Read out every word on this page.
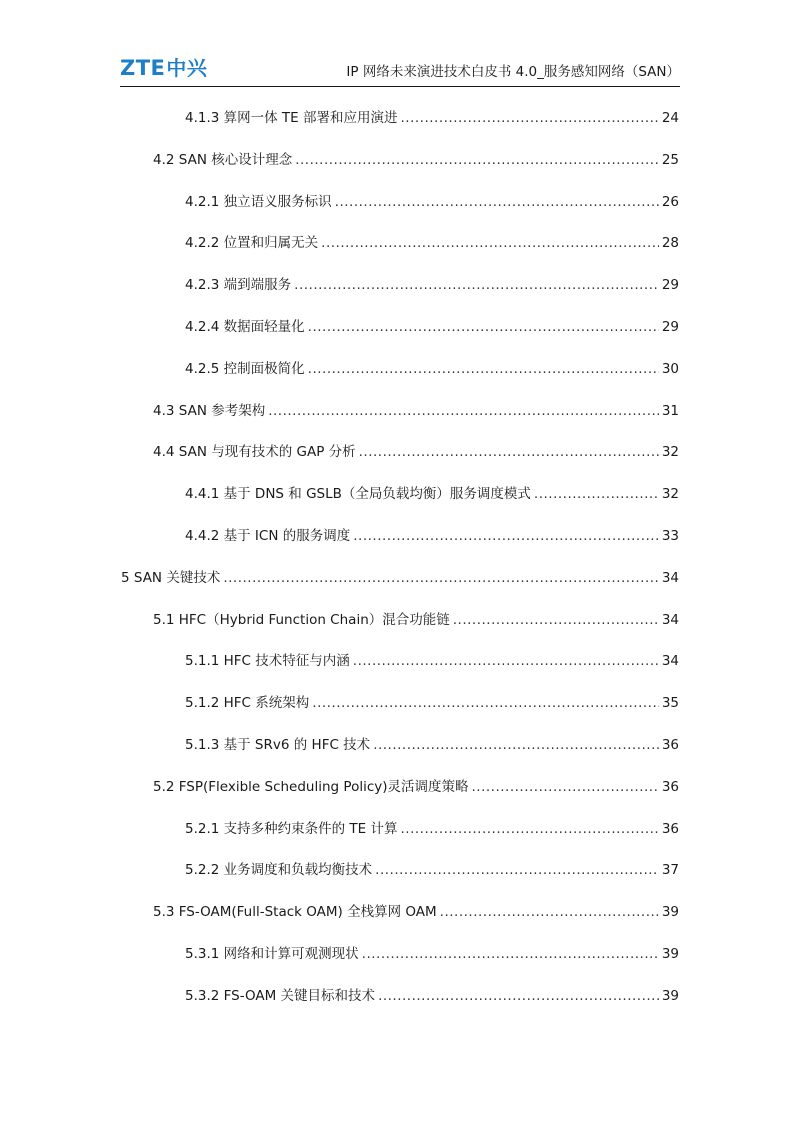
ZTE中兴	IP 网络未来演进技术白皮书 4.0_服务感知网络（SAN）
4.1.3 算网一体 TE 部署和应用演进 .....	24
4.2 SAN 核心设计理念 .....	25
4.2.1 独立语义服务标识 .....	26
4.2.2 位置和归属无关 .....	28
4.2.3 端到端服务 .....	29
4.2.4 数据面轻量化 .....	29
4.2.5 控制面极简化 .....	30
4.3 SAN 参考架构 .....	31
4.4 SAN 与现有技术的 GAP 分析 .....	32
4.4.1 基于 DNS 和 GSLB（全局负载均衡）服务调度模式 .....	32
4.4.2 基于 ICN 的服务调度 .....	33
5 SAN 关键技术 .....	34
5.1 HFC（Hybrid Function Chain）混合功能链 .....	34
5.1.1 HFC 技术特征与内涵 .....	34
5.1.2 HFC 系统架构 .....	35
5.1.3 基于 SRv6 的 HFC 技术 .....	36
5.2 FSP(Flexible Scheduling Policy)灵活调度策略 .....	36
5.2.1 支持多种约束条件的 TE 计算 .....	36
5.2.2 业务调度和负载均衡技术 .....	37
5.3 FS-OAM(Full-Stack OAM) 全栈算网 OAM .....	39
5.3.1 网络和计算可观测现状 .....	39
5.3.2 FS-OAM 关键目标和技术 .....	39
